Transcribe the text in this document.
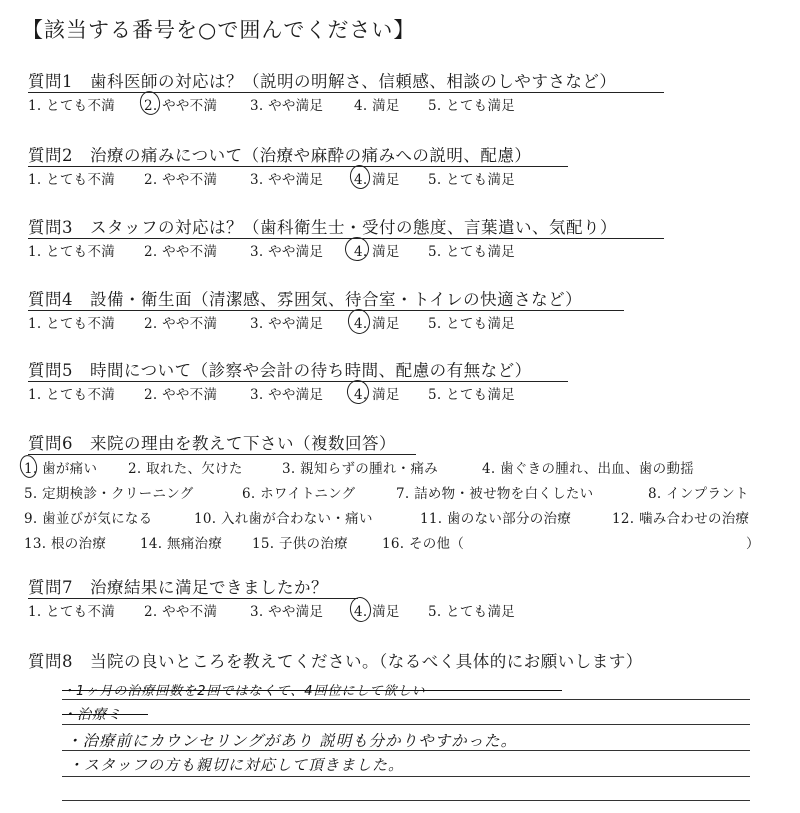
【該当する番号を○で囲んでください】
質問1　歯科医師の対応は？（説明の明解さ、信頼感、相談のしやすさなど）
1. とても不満 2. やや不満 3. やや満足 4. 満足 5. とても満足
質問2　治療の痛みについて（治療や麻酔の痛みへの説明、配慮）
1. とても不満 2. やや不満 3. やや満足 4. 満足 5. とても満足
質問3　スタッフの対応は？（歯科衛生士・受付の態度、言葉遣い、気配り）
1. とても不満 2. やや不満 3. やや満足 4. 満足 5. とても満足
質問4　設備・衛生面（清潔感、雰囲気、待合室・トイレの快適さなど）
1. とても不満 2. やや不満 3. やや満足 4. 満足 5. とても満足
質問5　時間について（診察や会計の待ち時間、配慮の有無など）
1. とても不満 2. やや不満 3. やや満足 4. 満足 5. とても満足
質問6　来院の理由を教えて下さい（複数回答）
1. 歯が痛い 2. 取れた、欠けた	3. 親知らずの腫れ・痛み	4. 歯ぐきの腫れ、出血、歯の動揺
5. 定期検診・クリーニング	6. ホワイトニング	7. 詰め物・被せ物を白くしたい	8. インプラント
9. 歯並びが気になる	10. 入れ歯が合わない・痛い	11. 歯のない部分の治療	12. 噛み合わせの治療
13. 根の治療	14. 無痛治療 15. 子供の治療	16. その他（	）
質問7　治療結果に満足できましたか？
1. とても不満 2. やや不満 3. やや満足 4. 満足 5. とても満足
質問8　当院の良いところを教えてください。（なるべく具体的にお願いします）
・1ヶ月の治療回数を2回ではなくて、4回位にして欲しい
・治療ミ
・治療前にカウンセリングがあり 説明も分かりやすかった。
・スタッフの方も親切に対応して頂きました。
